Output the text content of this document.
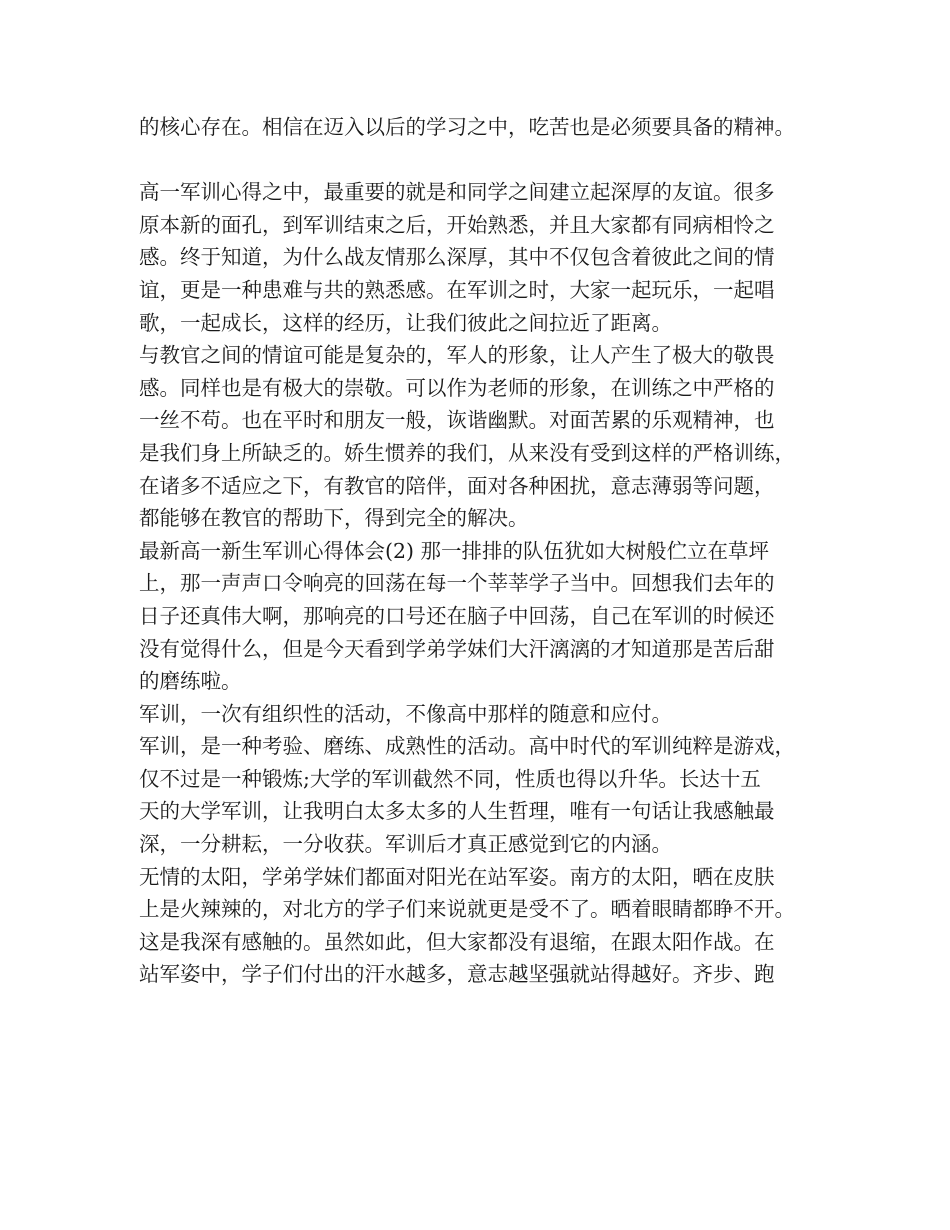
的核心存在。相信在迈入以后的学习之中，吃苦也是必须要具备的精神。
高一军训心得之中，最重要的就是和同学之间建立起深厚的友谊。很多
原本新的面孔，到军训结束之后，开始熟悉，并且大家都有同病相怜之
感。终于知道，为什么战友情那么深厚，其中不仅包含着彼此之间的情
谊，更是一种患难与共的熟悉感。在军训之时，大家一起玩乐，一起唱
歌，一起成长，这样的经历，让我们彼此之间拉近了距离。
与教官之间的情谊可能是复杂的，军人的形象，让人产生了极大的敬畏
感。同样也是有极大的崇敬。可以作为老师的形象，在训练之中严格的
一丝不苟。也在平时和朋友一般，诙谐幽默。对面苦累的乐观精神，也
是我们身上所缺乏的。娇生惯养的我们，从来没有受到这样的严格训练，
在诸多不适应之下，有教官的陪伴，面对各种困扰，意志薄弱等问题，
都能够在教官的帮助下，得到完全的解决。
最新高一新生军训心得体会(2) 那一排排的队伍犹如大树般伫立在草坪
上，那一声声口令响亮的回荡在每一个莘莘学子当中。回想我们去年的
日子还真伟大啊，那响亮的口号还在脑子中回荡，自己在军训的时候还
没有觉得什么，但是今天看到学弟学妹们大汗漓漓的才知道那是苦后甜
的磨练啦。
军训，一次有组织性的活动，不像高中那样的随意和应付。
军训，是一种考验、磨练、成熟性的活动。高中时代的军训纯粹是游戏，
仅不过是一种锻炼;大学的军训截然不同，性质也得以升华。长达十五
天的大学军训，让我明白太多太多的人生哲理，唯有一句话让我感触最
深，一分耕耘，一分收获。军训后才真正感觉到它的内涵。
无情的太阳，学弟学妹们都面对阳光在站军姿。南方的太阳，晒在皮肤
上是火辣辣的，对北方的学子们来说就更是受不了。晒着眼睛都睁不开。
这是我深有感触的。虽然如此，但大家都没有退缩，在跟太阳作战。在
站军姿中，学子们付出的汗水越多，意志越坚强就站得越好。齐步、跑
